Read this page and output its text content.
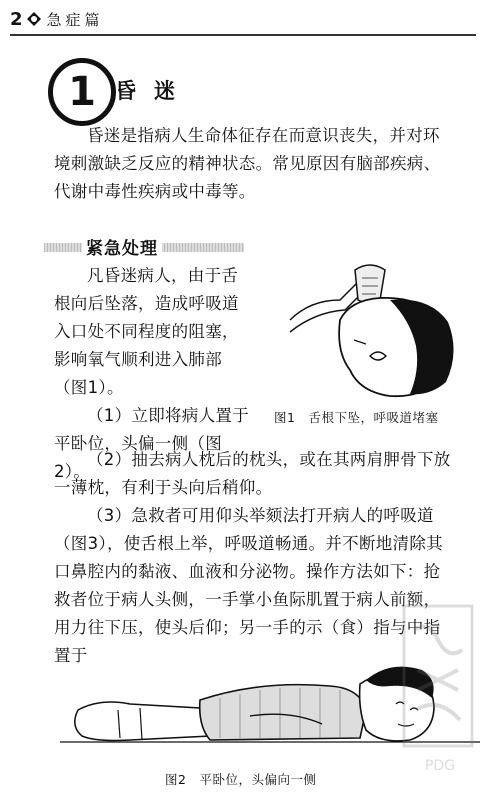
2 急症篇
1 昏迷
昏迷是指病人生命体征存在而意识丧失，并对环境刺激缺乏反应的精神状态。常见原因有脑部疾病、代谢中毒性疾病或中毒等。
紧急处理

凡昏迷病人，由于舌根向后坠落，造成呼吸道入口处不同程度的阻塞，影响氧气顺利进入肺部（图1）。

（1）立即将病人置于平卧位，头偏一侧（图2）。

图1　舌根下坠，呼吸道堵塞

（2）抽去病人枕后的枕头，或在其两肩胛骨下放一薄枕，有利于头向后稍仰。

（3）急救者可用仰头举颏法打开病人的呼吸道（图3），使舌根上举，呼吸道畅通。并不断地清除其口鼻腔内的黏液、血液和分泌物。操作方法如下：抢救者位于病人头侧，一手掌小鱼际肌置于病人前额，用力往下压，使头后仰；另一手的示（食）指与中指置于

图2　平卧位，头偏向一侧
PDG
